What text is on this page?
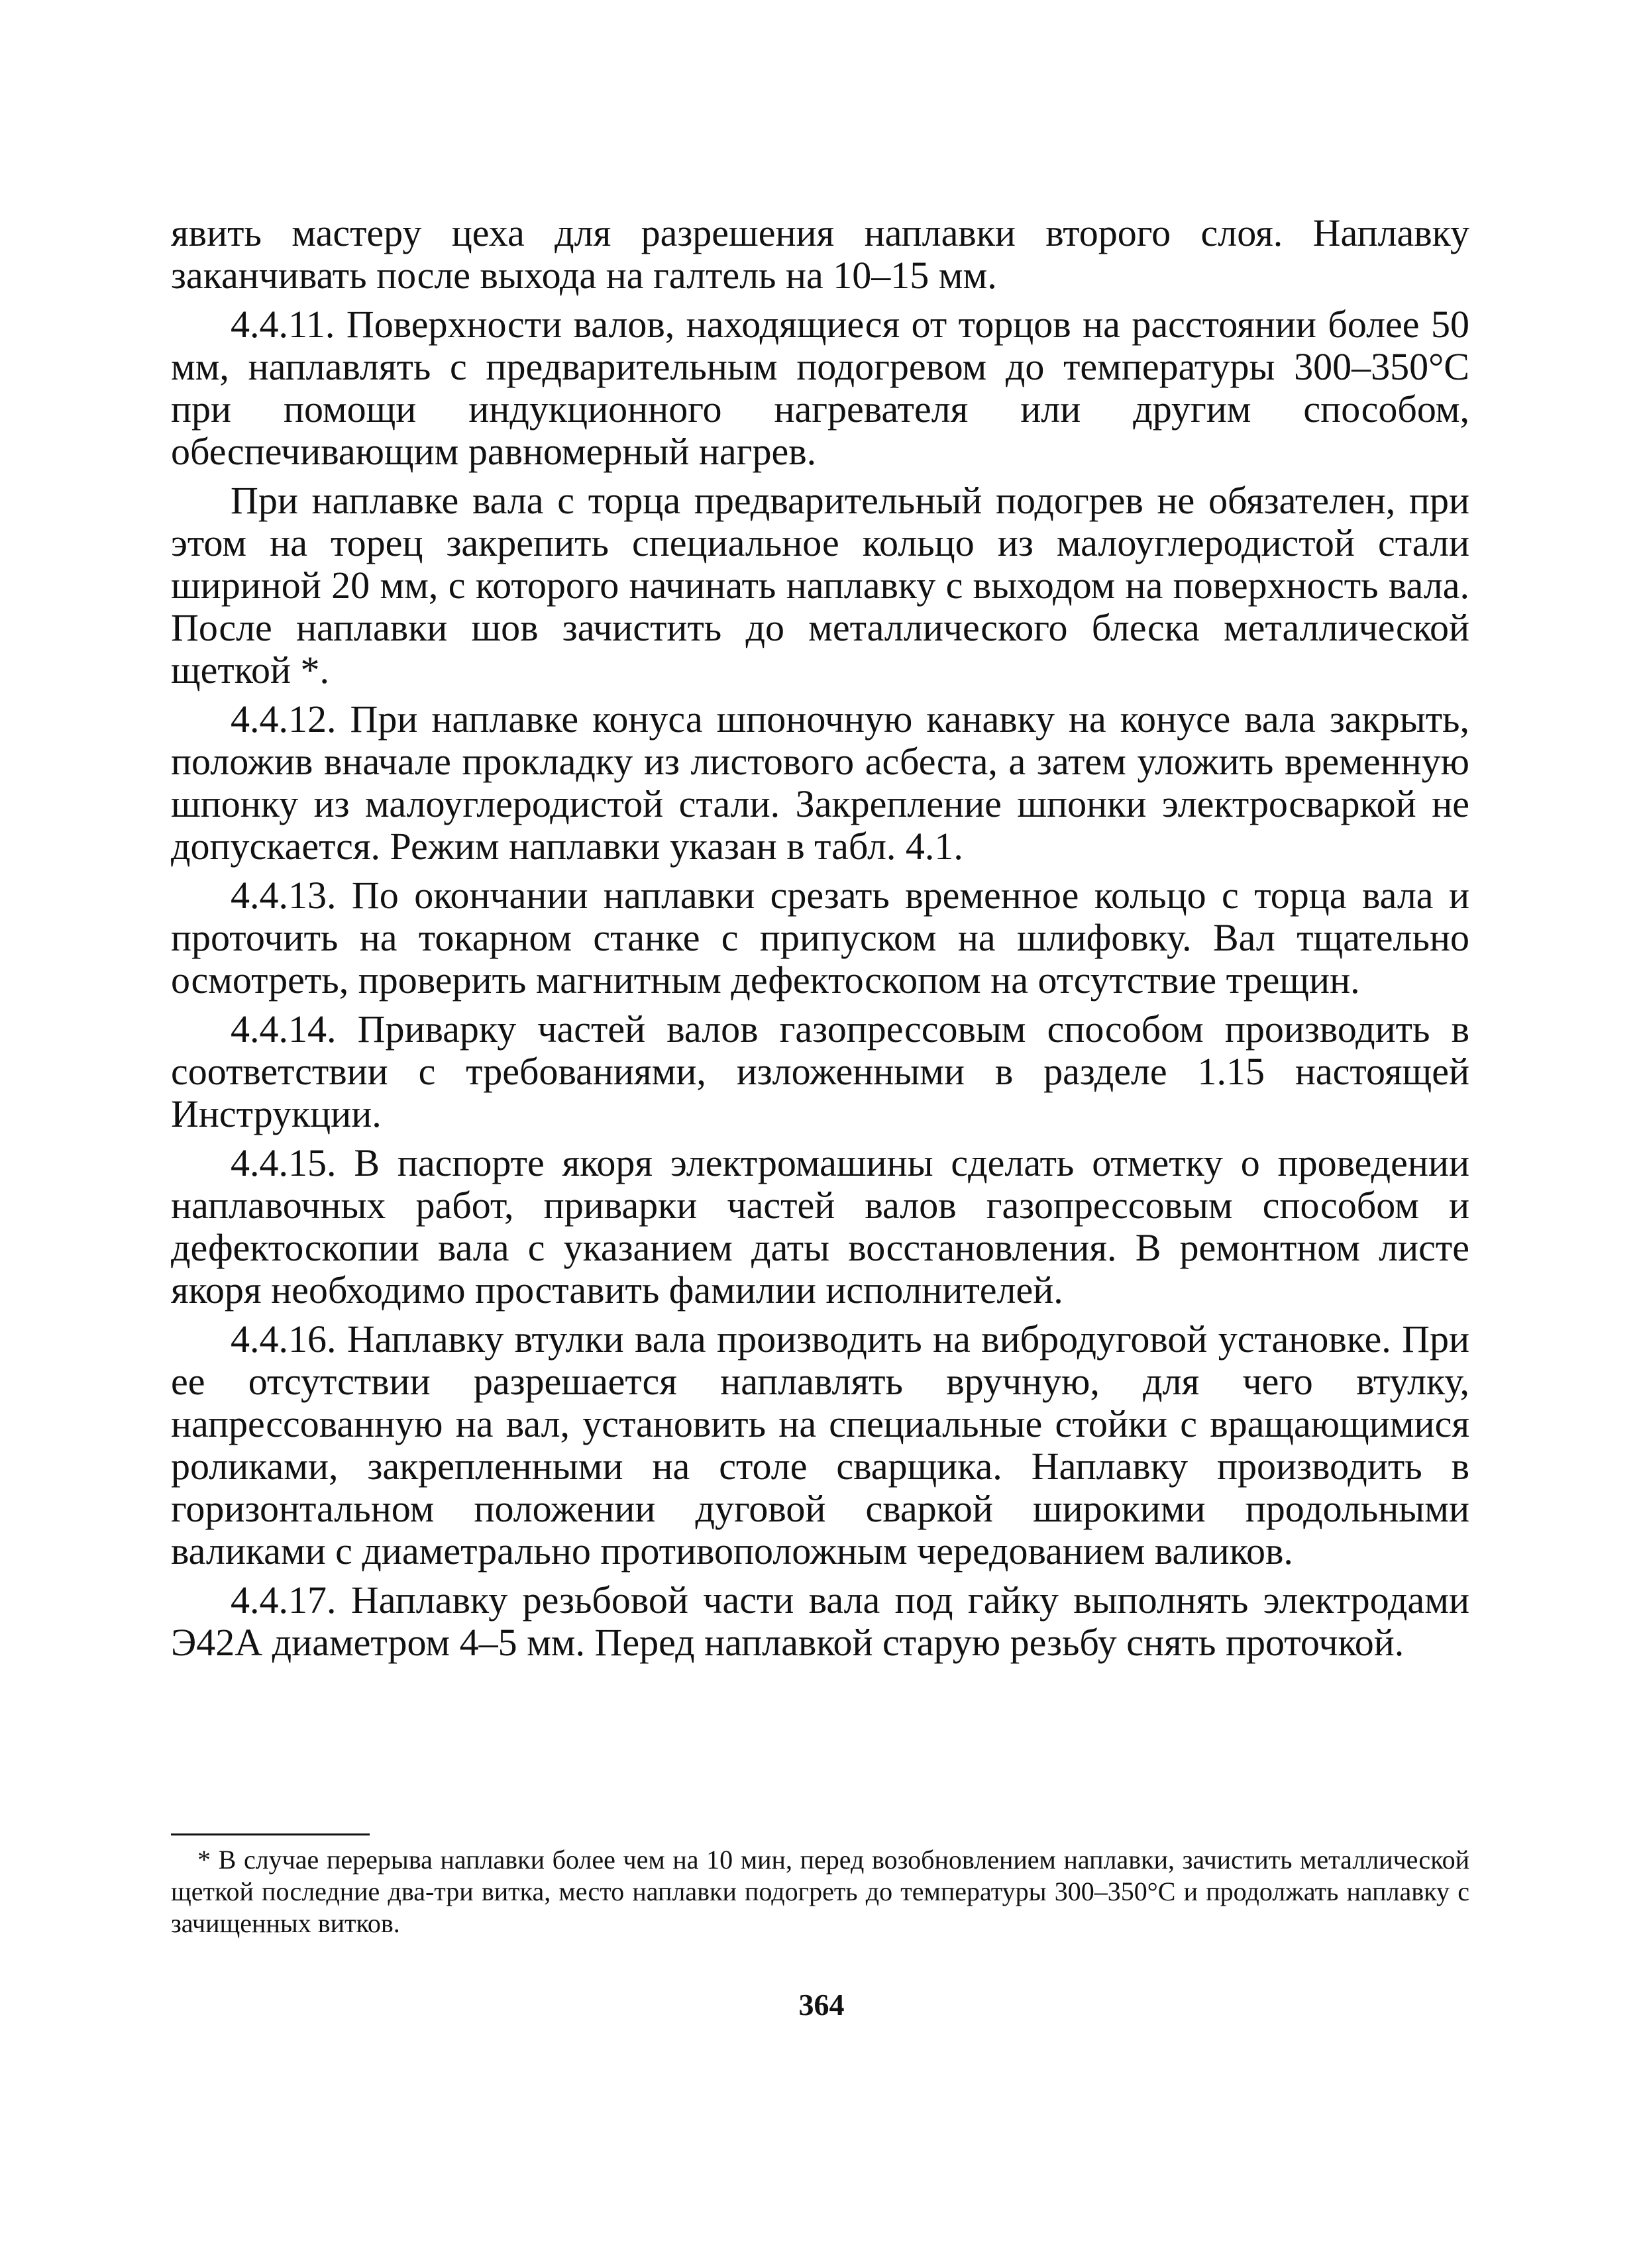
явить мастеру цеха для разрешения наплавки второго слоя. Наплавку заканчивать после выхода на галтель на 10–15 мм.

4.4.11. Поверхности валов, находящиеся от торцов на расстоянии более 50 мм, наплавлять с предварительным подогревом до температуры 300–350°C при помощи индукционного нагревателя или другим способом, обеспечивающим равномерный нагрев.

При наплавке вала с торца предварительный подогрев не обязателен, при этом на торец закрепить специальное кольцо из малоуглеродистой стали шириной 20 мм, с которого начинать наплавку с выходом на поверхность вала. После наплавки шов зачистить до металлического блеска металлической щеткой *.

4.4.12. При наплавке конуса шпоночную канавку на конусе вала закрыть, положив вначале прокладку из листового асбеста, а затем уложить временную шпонку из малоуглеродистой стали. Закрепление шпонки электросваркой не допускается. Режим наплавки указан в табл. 4.1.

4.4.13. По окончании наплавки срезать временное кольцо с торца вала и проточить на токарном станке с припуском на шлифовку. Вал тщательно осмотреть, проверить магнитным дефектоскопом на отсутствие трещин.

4.4.14. Приварку частей валов газопрессовым способом производить в соответствии с требованиями, изложенными в разделе 1.15 настоящей Инструкции.

4.4.15. В паспорте якоря электромашины сделать отметку о проведении наплавочных работ, приварки частей валов газопрессовым способом и дефектоскопии вала с указанием даты восстановления. В ремонтном листе якоря необходимо проставить фамилии исполнителей.

4.4.16. Наплавку втулки вала производить на вибродуговой установке. При ее отсутствии разрешается наплавлять вручную, для чего втулку, напрессованную на вал, установить на специальные стойки с вращающимися роликами, закрепленными на столе сварщика. Наплавку производить в горизонтальном положении дуговой сваркой широкими продольными валиками с диаметрально противоположным чередованием валиков.

4.4.17. Наплавку резьбовой части вала под гайку выполнять электродами Э42А диаметром 4–5 мм. Перед наплавкой старую резьбу снять проточкой.

* В случае перерыва наплавки более чем на 10 мин, перед возобновлением наплавки, зачистить металлической щеткой последние два-три витка, место наплавки подогреть до температуры 300–350°C и продолжать наплавку с зачищенных витков.
364
